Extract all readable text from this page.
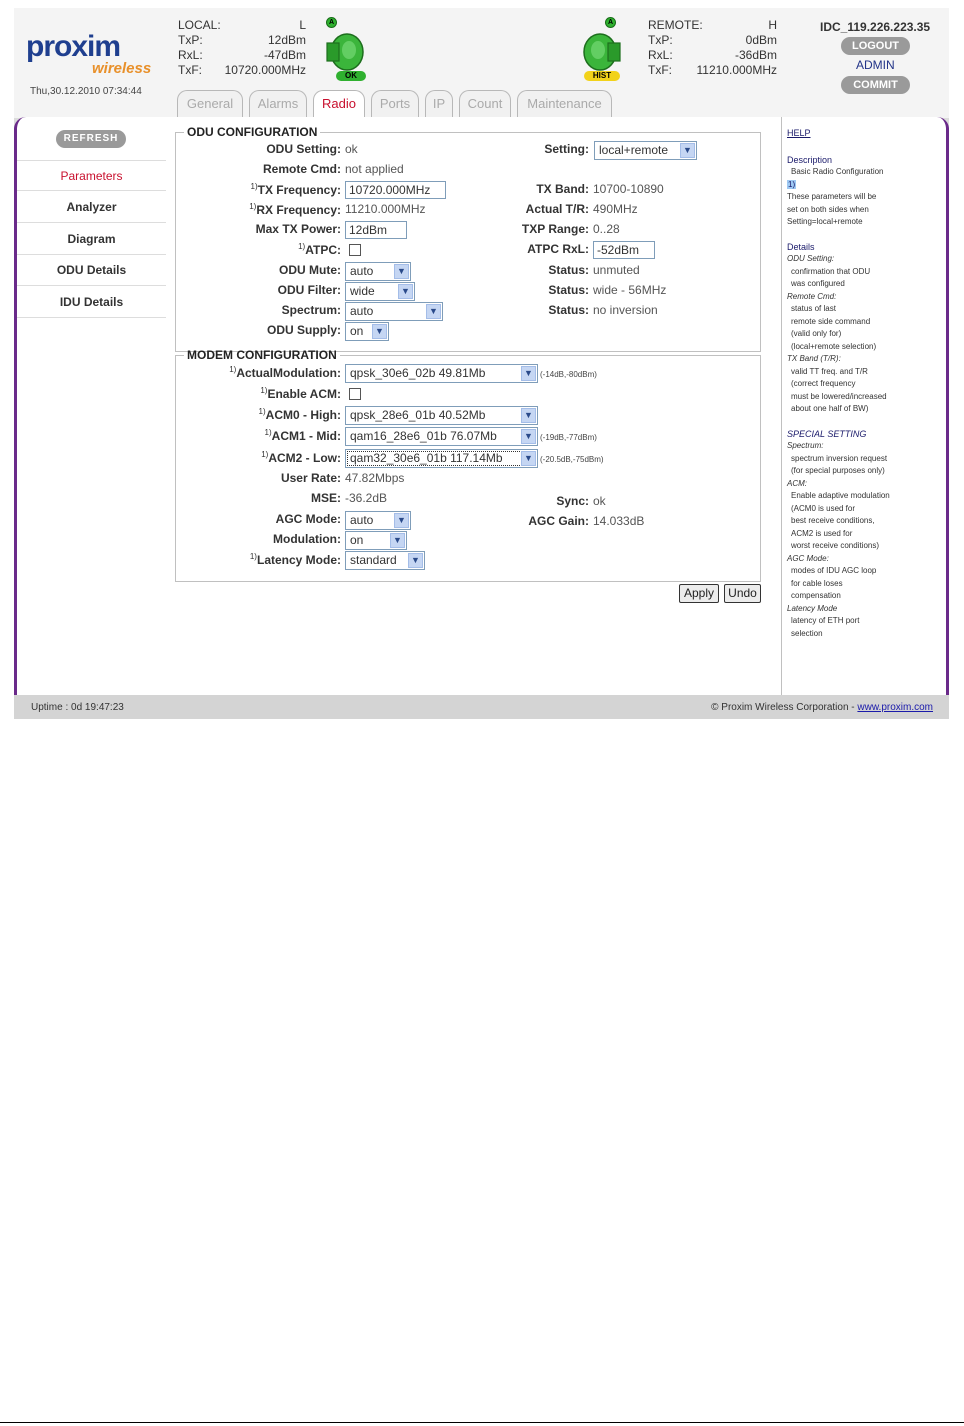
proxim
wireless
Thu,30.12.2010 07:34:44
LOCAL:	L
TxP:	12dBm
RxL:	-47dBm
TxF: 10720.000MHz
A
OK
A
HIST
REMOTE:	H
TxP:	0dBm
RxL:	-36dBm
TxF: 11210.000MHz
IDC_119.226.223.35
LOGOUT
ADMIN
COMMIT
General	Alarms	Radio	Ports	IP	Count	Maintenance
REFRESH
Parameters
Analyzer
Diagram
ODU Details
IDU Details
ODU CONFIGURATION
ODU Setting: ok	Setting: local+remote	▼
Remote Cmd: not applied
$^{1)}$TX Frequency: 10720.000MHz	TX Band: 10700-10890
$^{1)}$RX Frequency: 11210.000MHz	Actual T/R: 490MHz
Max TX Power: 12dBm	TXP Range: 0..28
$^{1)}$ATPC:	ATPC RxL: -52dBm
ODU Mute: auto	▼	Status: unmuted
ODU Filter: wide	▼	Status: wide - 56MHz
Spectrum: auto	▼	Status: no inversion
ODU Supply: on	▼
MODEM CONFIGURATION
$^{1)}$ActualModulation: qpsk_30e6_02b 49.81Mb	▼ (-14dB,-80dBm)
$^{1)}$Enable ACM:
$^{1)}$ACM0 - High: qpsk_28e6_01b 40.52Mb	▼
$^{1)}$ACM1 - Mid: qam16_28e6_01b 76.07Mb	▼ (-19dB,-77dBm)
$^{1)}$ACM2 - Low: qam32_30e6_01b 117.14Mb	▼ (-20.5dB,-75dBm)
User Rate: 47.82Mbps
MSE: -36.2dB	Sync: ok
AGC Mode: auto	▼	AGC Gain: 14.033dB
Modulation: on	▼
$^{1)}$Latency Mode: standard	▼
Apply	Undo
HELP
Description
Basic Radio Configuration
1)
These parameters will be
set on both sides when
Setting=local+remote
Details
ODU Setting:
confirmation that ODU
was configured
Remote Cmd:
status of last
remote side command
(valid only for)
(local+remote selection)
TX Band (T/R):
valid TT freq. and T/R
(correct frequency
must be lowered/increased
about one half of BW)
SPECIAL SETTING
Spectrum:
spectrum inversion request
(for special purposes only)
ACM:
Enable adaptive modulation
(ACM0 is used for
best receive conditions,
ACM2 is used for
worst receive conditions)
AGC Mode:
modes of IDU AGC loop
for cable loses
compensation
Latency Mode
latency of ETH port
selection
Uptime : 0d 19:47:23	© Proxim Wireless Corporation - www.proxim.com
